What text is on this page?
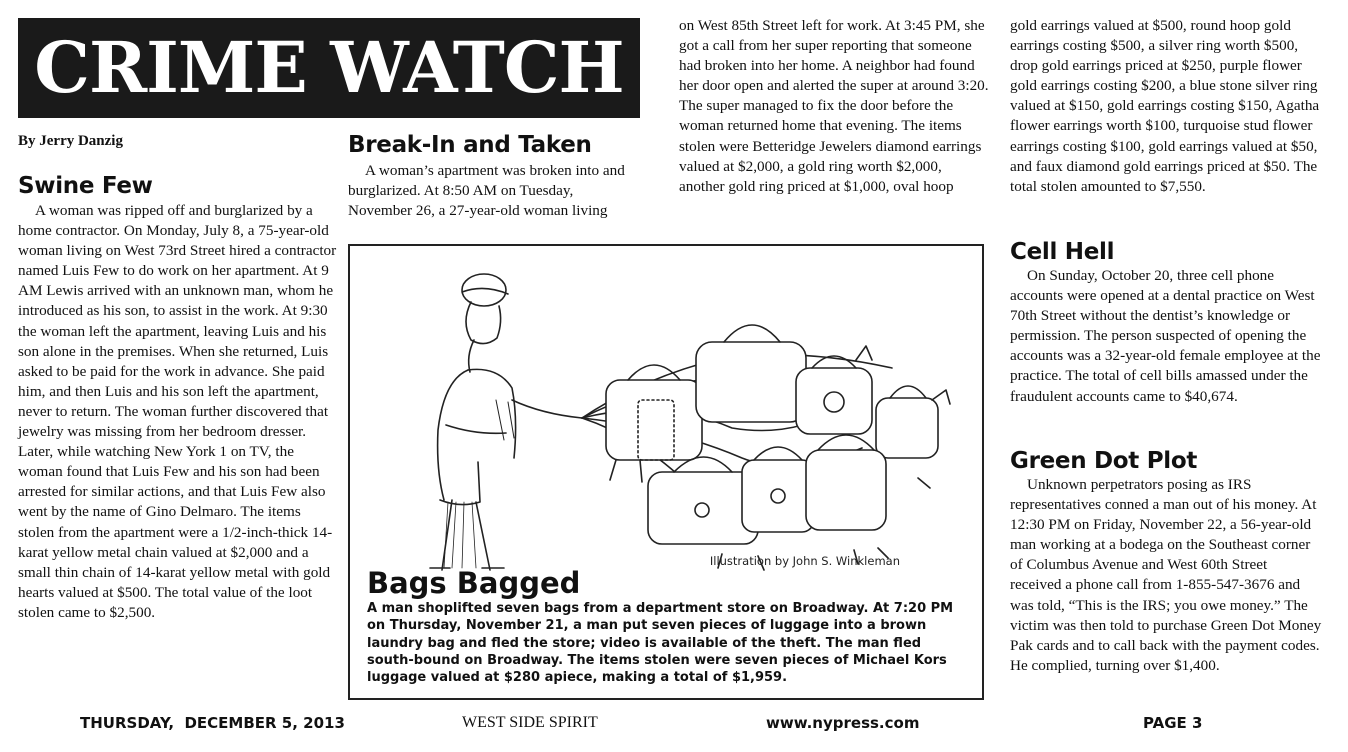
CRIME WATCH
By Jerry Danzig
Swine Few

A woman was ripped off and burglarized by a home contractor. On Monday, July 8, a 75-year-old woman living on West 73rd Street hired a contractor named Luis Few to do work on her apartment. At 9 AM Lewis arrived with an unknown man, whom he introduced as his son, to assist in the work. At 9:30 the woman left the apartment, leaving Luis and his son alone in the premises. When she returned, Luis asked to be paid for the work in advance. She paid him, and then Luis and his son left the apartment, never to return. The woman further discovered that jewelry was missing from her bedroom dresser. Later, while watching New York 1 on TV, the woman found that Luis Few and his son had been arrested for similar actions, and that Luis Few also went by the name of Gino Delmaro. The items stolen from the apartment were a 1/2-inch-thick 14-karat yellow metal chain valued at $2,000 and a small thin chain of 14-karat yellow metal with gold hearts valued at $500. The total value of the loot stolen came to $2,500.

Break-In and Taken

A woman’s apartment was broken into and burglarized. At 8:50 AM on Tuesday, November 26, a 27-year-old woman living

on West 85th Street left for work. At 3:45 PM, she got a call from her super reporting that someone had broken into her home. A neighbor had found her door open and alerted the super at around 3:20. The super managed to fix the door before the woman returned home that evening. The items stolen were Betteridge Jewelers diamond earrings valued at $2,000, a gold ring worth $2,000, another gold ring priced at $1,000, oval hoop

gold earrings valued at $500, round hoop gold earrings costing $500, a silver ring worth $500, drop gold earrings priced at $250, purple flower gold earrings costing $200, a blue stone silver ring valued at $150, gold earrings costing $150, Agatha flower earrings worth $100, turquoise stud flower earrings costing $100, gold earrings valued at $50, and faux diamond gold earrings priced at $50. The total stolen amounted to $7,550.

Cell Hell

On Sunday, October 20, three cell phone accounts were opened at a dental practice on West 70th Street without the dentist’s knowledge or permission. The person suspected of opening the accounts was a 32-year-old female employee at the practice. The total of cell bills amassed under the fraudulent accounts came to $40,674.

Green Dot Plot

Unknown perpetrators posing as IRS representatives conned a man out of his money. At 12:30 PM on Friday, November 22, a 56-year-old man working at a bodega on the Southeast corner of Columbus Avenue and West 60th Street received a phone call from 1-855-547-3676 and was told, “This is the IRS; you owe money.” The victim was then told to purchase Green Dot Money Pak cards and to call back with the payment codes. He complied, turning over $1,400.

Illustration by John S. Winkleman
Bags Bagged
A man shoplifted seven bags from a department store on Broadway. At 7:20 PM on Thursday, November 21, a man put seven pieces of luggage into a brown laundry bag and fled the store; video is available of the theft. The man fled south-bound on Broadway. The items stolen were seven pieces of Michael Kors luggage valued at $280 apiece, making a total of $1,959.
THURSDAY,  DECEMBER 5, 2013	WEST SIDE SPIRIT	www.nypress.com	PAGE 3
